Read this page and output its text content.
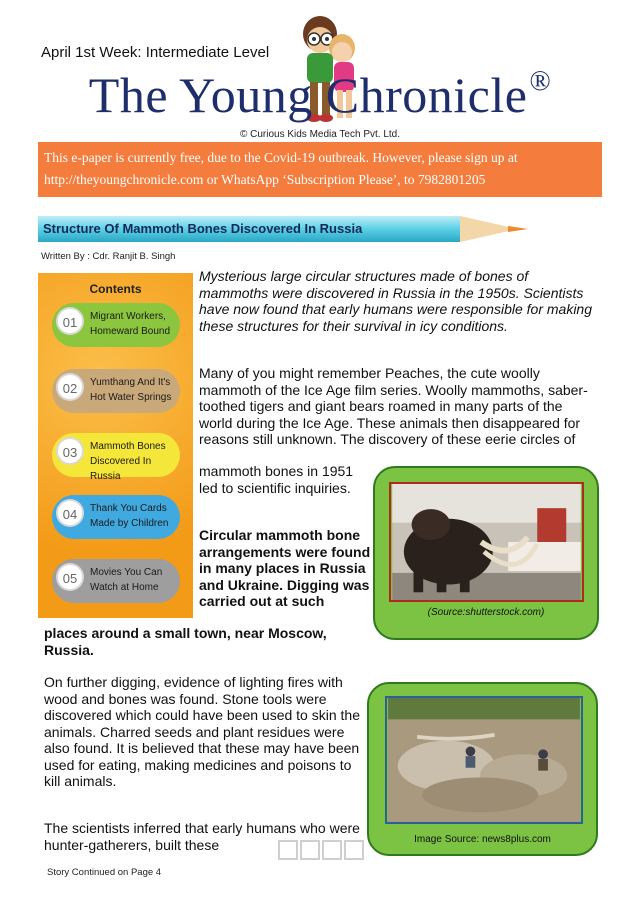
April 1st Week: Intermediate Level
The Young Chronicle®
© Curious Kids Media Tech Pvt. Ltd.
This e-paper is currently free, due to the Covid-19 outbreak. However, please sign up at http://theyoungchronicle.com or WhatsApp ‘Subscription Please’, to 7982801205
Structure Of Mammoth Bones Discovered In Russia
Written By : Cdr. Ranjit B. Singh
Contents
01	Migrant Workers, Homeward Bound
02	Yumthang And It's Hot Water Springs
03	Mammoth Bones Discovered In Russia
04	Thank You Cards Made by Children
05	Movies You Can Watch at Home
Mysterious large circular structures made of bones of mammoths were discovered in Russia in the 1950s. Scientists have now found that early humans were responsible for making these structures for their survival in icy conditions.
Many of you might remember Peaches, the cute woolly mammoth of the Ice Age film series. Woolly mammoths, saber-toothed tigers and giant bears roamed in many parts of the world during the Ice Age. These animals then disappeared for reasons still unknown. The discovery of these eerie circles of
mammoth bones in 1951 led to scientific inquiries.
Circular mammoth bone arrangements were found in many places in Russia and Ukraine. Digging was carried out at such
places around a small town, near Moscow, Russia.
On further digging, evidence of lighting fires with wood and bones was found. Stone tools were discovered which could have been used to skin the animals. Charred seeds and plant residues were also found. It is believed that these may have been used for eating, making medicines and poisons to kill animals.
The scientists inferred that early humans who were hunter-gatherers, built these
(Source:shutterstock.com)
Image Source: news8plus.com
Story Continued on Page 4
